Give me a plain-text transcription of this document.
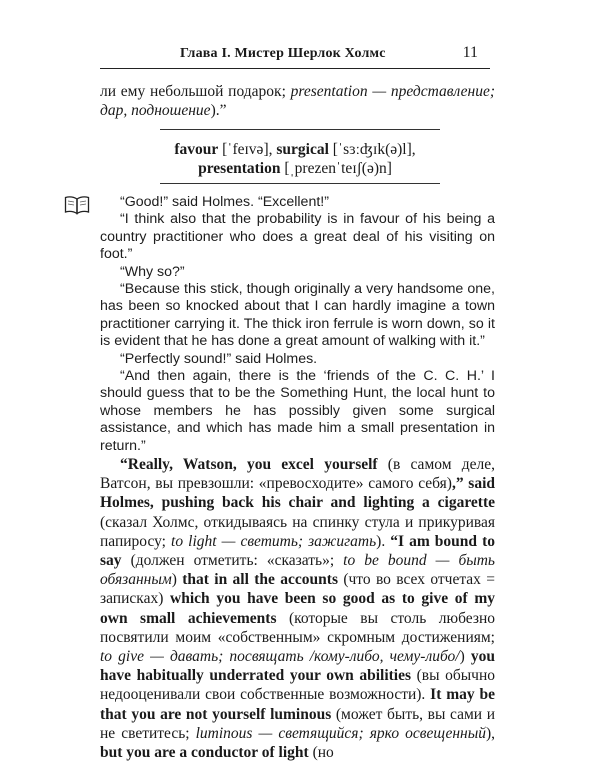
Глава I. Мистер Шерлок Холмс	11
ли ему небольшой подарок; presentation — представление; дар, подношение).”
favour [ˈfeɪvə], surgical [ˈsɜːʤɪk(ə)l],
presentation [ˌprezenˈteɪʃ(ə)n]

“Good!” said Holmes. “Excellent!”

“I think also that the probability is in favour of his being a country practitioner who does a great deal of his visiting on foot.”

“Why so?”

“Because this stick, though originally a very handsome one, has been so knocked about that I can hardly imagine a town practitioner carrying it. The thick iron ferrule is worn down, so it is evident that he has done a great amount of walking with it.”

“Perfectly sound!” said Holmes.

“And then again, there is the ‘friends of the C. C. H.’ I should guess that to be the Something Hunt, the local hunt to whose members he has possibly given some surgical assistance, and which has made him a small presentation in return.”

“Really, Watson, you excel yourself (в самом деле, Ватсон, вы превзошли: «превосходите» самого себя),” said Holmes, pushing back his chair and lighting a cigarette (сказал Холмс, откидываясь на спинку стула и прикуривая папиросу; to light — светить; зажигать). “I am bound to say (должен отметить: «сказать»; to be bound — быть обязанным) that in all the accounts (что во всех отчетах = записках) which you have been so good as to give of my own small achievements (которые вы столь любезно посвятили моим «собственным» скромным достижениям; to give — давать; посвящать /кому-либо, чему-либо/) you have habitually underrated your own abilities (вы обычно недооценивали свои собственные возможности). It may be that you are not yourself luminous (может быть, вы сами и не светитесь; luminous — светящийся; ярко освещенный), but you are a conductor of light (но
